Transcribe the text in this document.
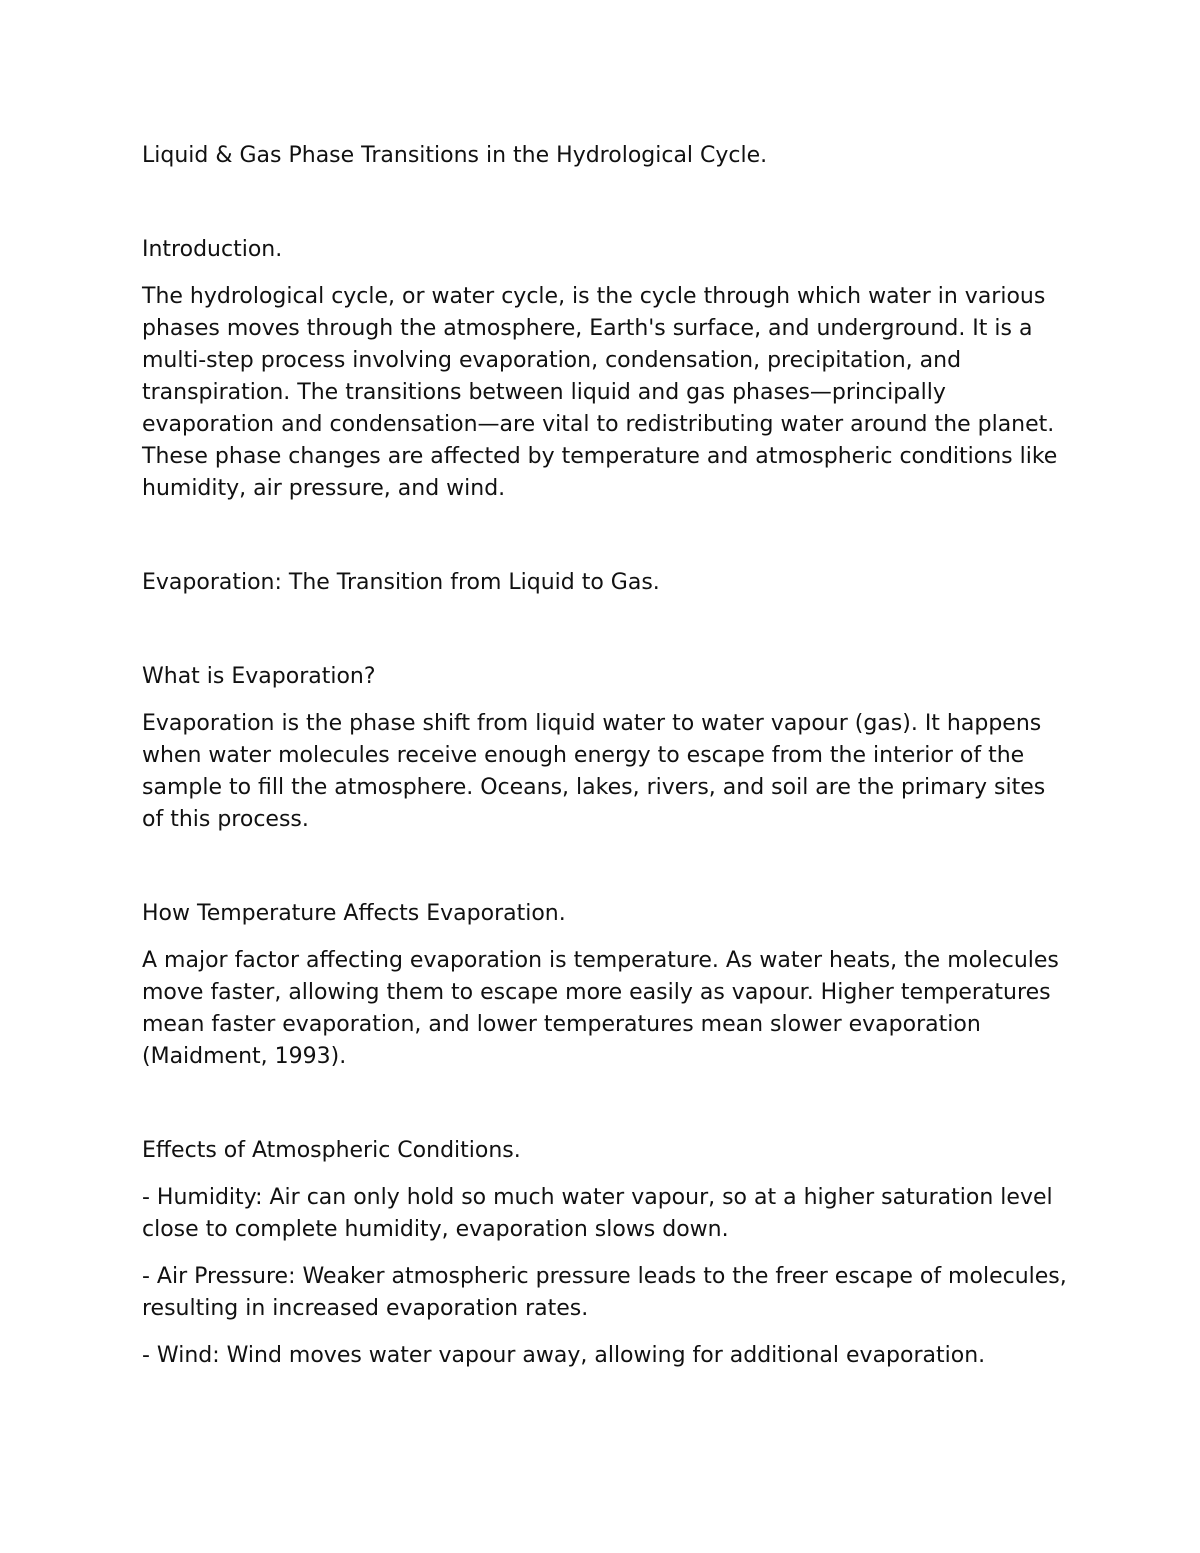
Liquid & Gas Phase Transitions in the Hydrological Cycle.

Introduction.

The hydrological cycle, or water cycle, is the cycle through which water in various phases moves through the atmosphere, Earth's surface, and underground. It is a multi-step process involving evaporation, condensation, precipitation, and transpiration. The transitions between liquid and gas phases—principally evaporation and condensation—are vital to redistributing water around the planet. These phase changes are affected by temperature and atmospheric conditions like humidity, air pressure, and wind.

Evaporation: The Transition from Liquid to Gas.

What is Evaporation?

Evaporation is the phase shift from liquid water to water vapour (gas). It happens when water molecules receive enough energy to escape from the interior of the sample to fill the atmosphere. Oceans, lakes, rivers, and soil are the primary sites of this process.

How Temperature Affects Evaporation.

A major factor affecting evaporation is temperature. As water heats, the molecules move faster, allowing them to escape more easily as vapour. Higher temperatures mean faster evaporation, and lower temperatures mean slower evaporation (Maidment, 1993).

Effects of Atmospheric Conditions.

- Humidity: Air can only hold so much water vapour, so at a higher saturation level close to complete humidity, evaporation slows down.

- Air Pressure: Weaker atmospheric pressure leads to the freer escape of molecules, resulting in increased evaporation rates.

- Wind: Wind moves water vapour away, allowing for additional evaporation.
